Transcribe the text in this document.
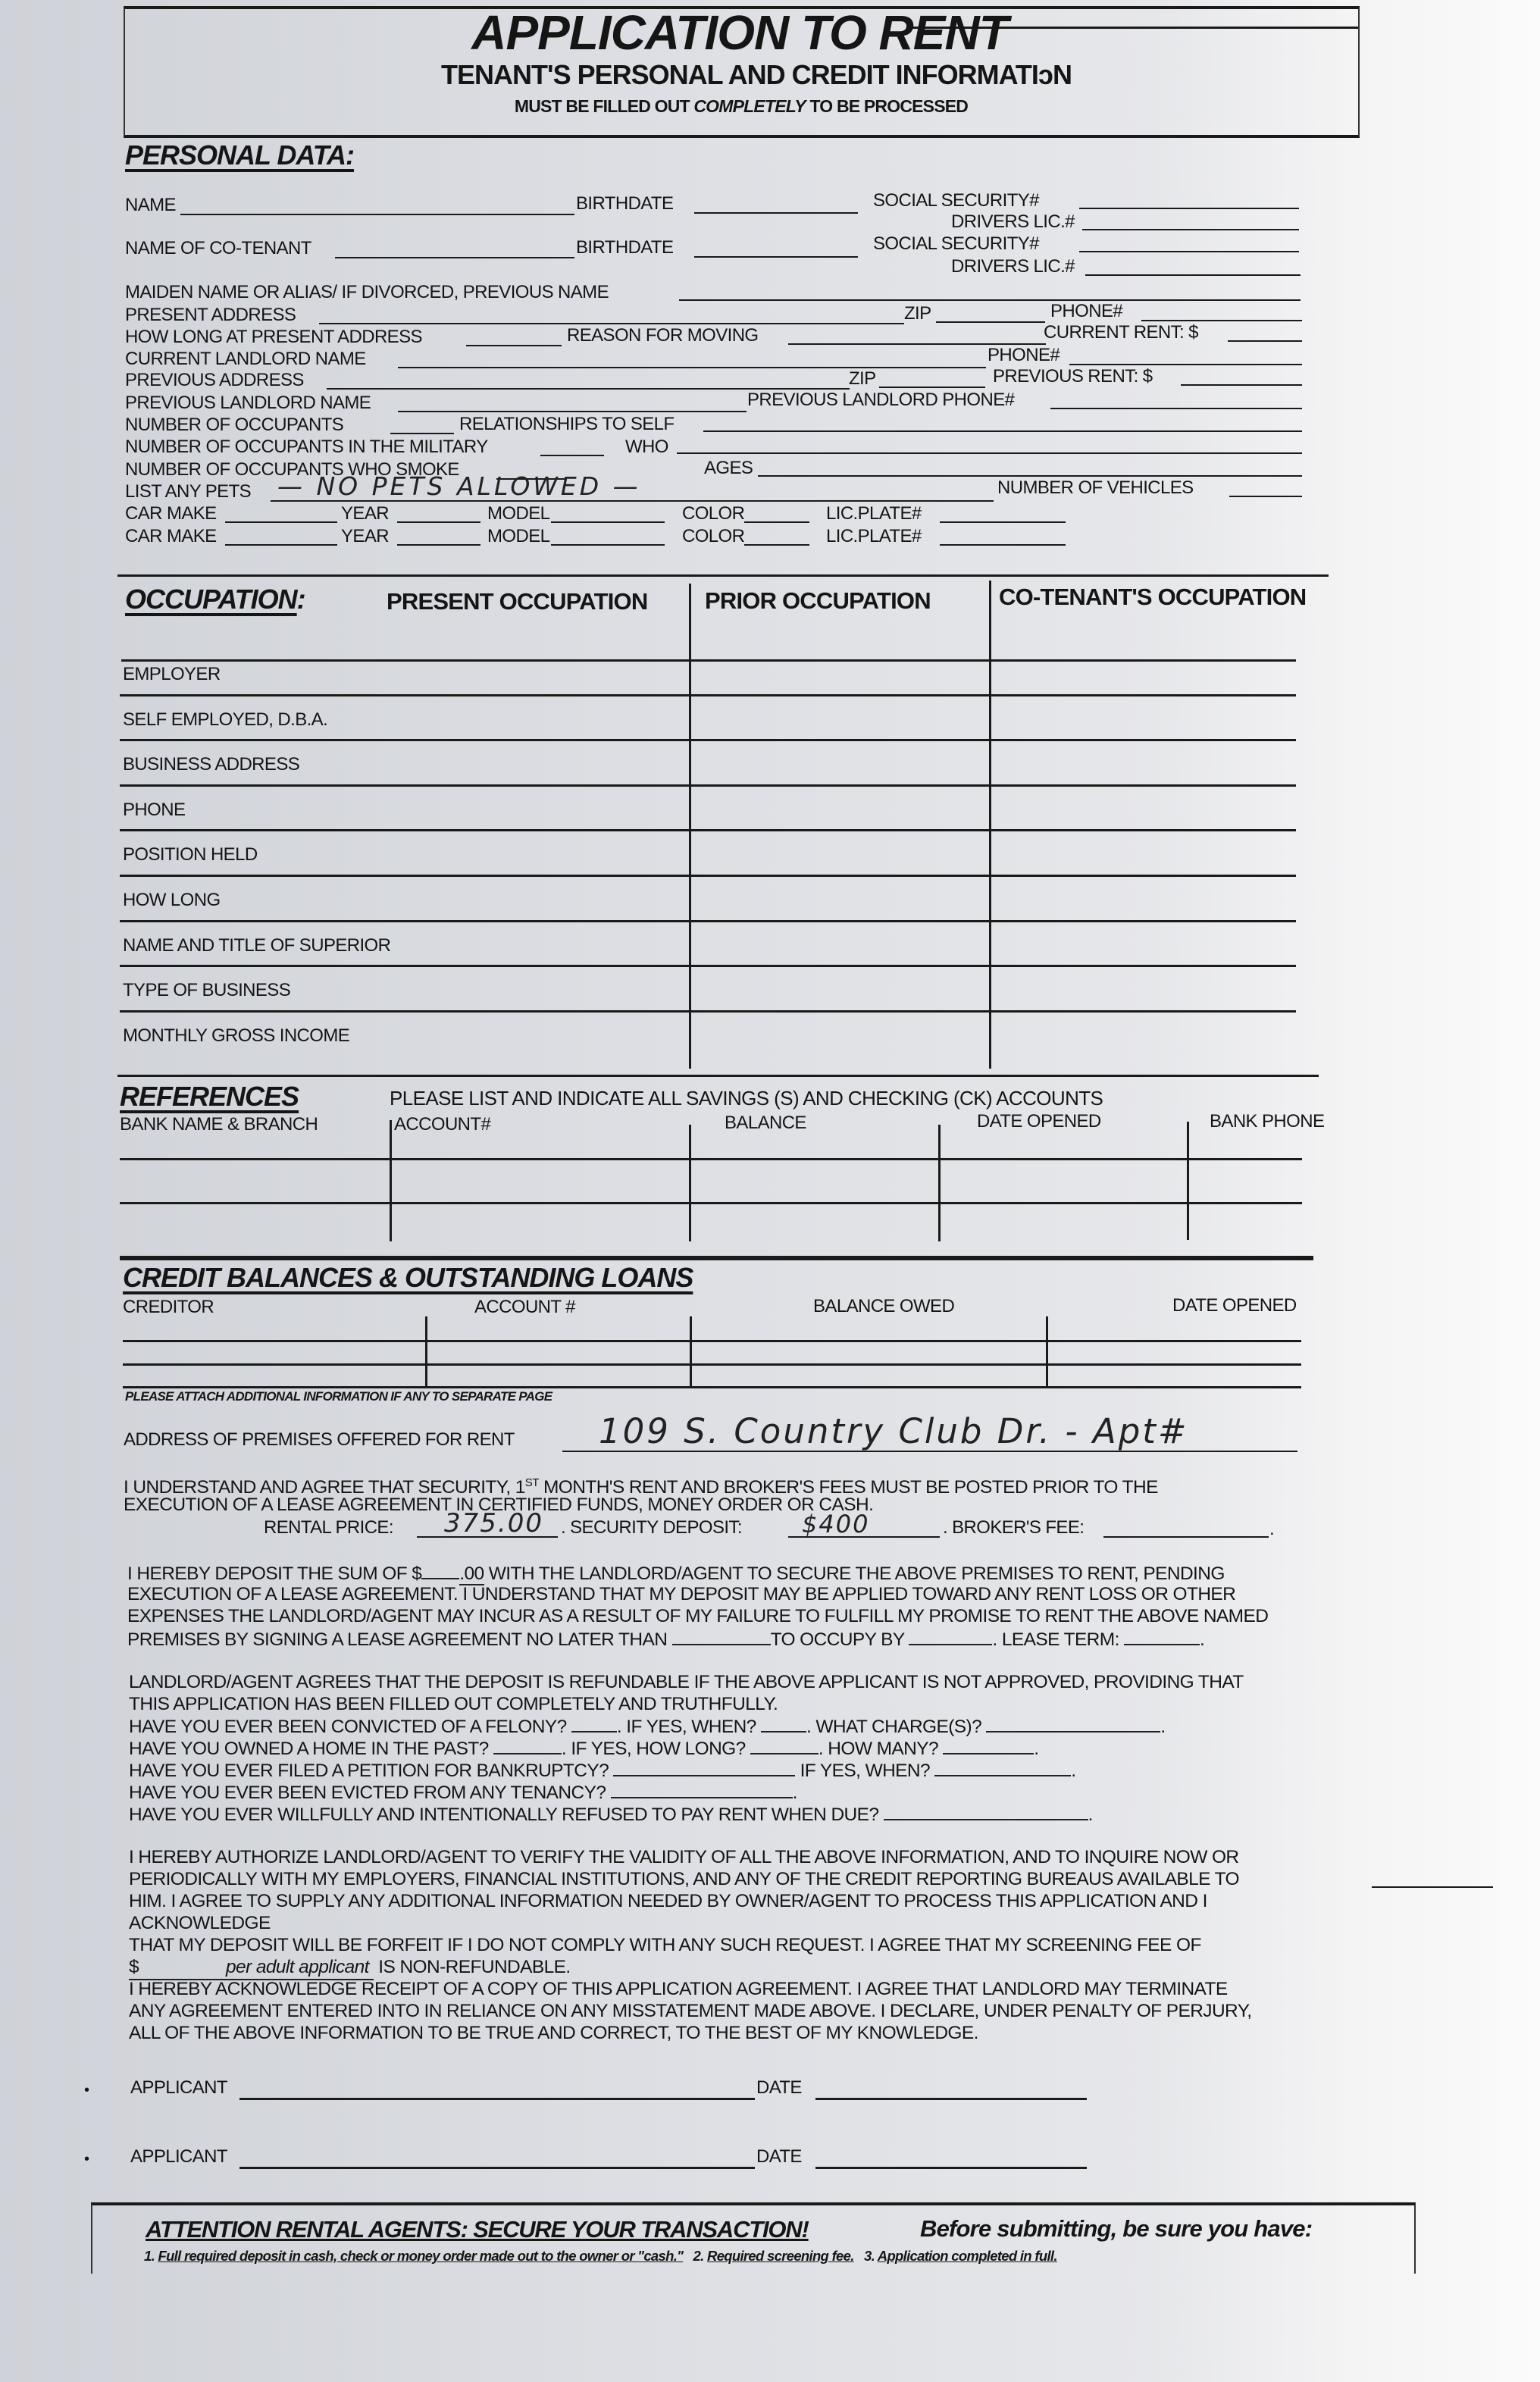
APPLICATION TO RENT
TENANT'S PERSONAL AND CREDIT INFORMATIↄN
MUST BE FILLED OUT COMPLETELY TO BE PROCESSED
PERSONAL DATA:
NAME	BIRTHDATE	SOCIAL SECURITY#
DRIVERS LIC.#
NAME OF CO-TENANT	BIRTHDATE	SOCIAL SECURITY#
DRIVERS LIC.#
MAIDEN NAME OR ALIAS/ IF DIVORCED, PREVIOUS NAME
PRESENT ADDRESS	ZIP	PHONE#
HOW LONG AT PRESENT ADDRESS	REASON FOR MOVING	CURRENT RENT: $
CURRENT LANDLORD NAME	PHONE#
PREVIOUS ADDRESS	ZIP	PREVIOUS RENT: $
PREVIOUS LANDLORD NAME	PREVIOUS LANDLORD PHONE#
NUMBER OF OCCUPANTS	RELATIONSHIPS TO SELF
NUMBER OF OCCUPANTS IN THE MILITARY	WHO
NUMBER OF OCCUPANTS WHO SMOKE	AGES
LIST ANY PETS — NO PETS ALLOWED —	NUMBER OF VEHICLES
CAR MAKE	YEAR	MODEL	COLOR	LIC.PLATE#
CAR MAKE	YEAR	MODEL	COLOR	LIC.PLATE#
OCCUPATION:	PRESENT OCCUPATION PRIOR OCCUPATION	CO-TENANT'S OCCUPATION
EMPLOYER
SELF EMPLOYED, D.B.A.
BUSINESS ADDRESS
PHONE
POSITION HELD
HOW LONG
NAME AND TITLE OF SUPERIOR
TYPE OF BUSINESS
MONTHLY GROSS INCOME
REFERENCES	PLEASE LIST AND INDICATE ALL SAVINGS (S) AND CHECKING (CK) ACCOUNTS
BANK NAME & BRANCH	ACCOUNT#	BALANCE	DATE OPENED	BANK PHONE
CREDIT BALANCES & OUTSTANDING LOANS
CREDITOR	ACCOUNT #	BALANCE OWED	DATE OPENED
PLEASE ATTACH ADDITIONAL INFORMATION IF ANY TO SEPARATE PAGE
ADDRESS OF PREMISES OFFERED FOR RENT 109 S. Country Club Dr. - Apt#
I UNDERSTAND AND AGREE THAT SECURITY, 1ST MONTH'S RENT AND BROKER'S FEES MUST BE POSTED PRIOR TO THE
EXECUTION OF A LEASE AGREEMENT IN CERTIFIED FUNDS, MONEY ORDER OR CASH.
RENTAL PRICE: 375.00 . SECURITY DEPOSIT: $400	. BROKER'S FEE:	.
I HEREBY DEPOSIT THE SUM OF $ .00 WITH THE LANDLORD/AGENT TO SECURE THE ABOVE PREMISES TO RENT, PENDING
EXECUTION OF A LEASE AGREEMENT. I UNDERSTAND THAT MY DEPOSIT MAY BE APPLIED TOWARD ANY RENT LOSS OR OTHER
EXPENSES THE LANDLORD/AGENT MAY INCUR AS A RESULT OF MY FAILURE TO FULFILL MY PROMISE TO RENT THE ABOVE NAMED
PREMISES BY SIGNING A LEASE AGREEMENT NO LATER THAN	TO OCCUPY BY	. LEASE TERM:	.
LANDLORD/AGENT AGREES THAT THE DEPOSIT IS REFUNDABLE IF THE ABOVE APPLICANT IS NOT APPROVED, PROVIDING THAT
THIS APPLICATION HAS BEEN FILLED OUT COMPLETELY AND TRUTHFULLY.
HAVE YOU EVER BEEN CONVICTED OF A FELONY?	. IF YES, WHEN?	. WHAT CHARGE(S)?	.
HAVE YOU OWNED A HOME IN THE PAST?	. IF YES, HOW LONG?	. HOW MANY?	.
HAVE YOU EVER FILED A PETITION FOR BANKRUPTCY?	IF YES, WHEN?	.
HAVE YOU EVER BEEN EVICTED FROM ANY TENANCY?	.
HAVE YOU EVER WILLFULLY AND INTENTIONALLY REFUSED TO PAY RENT WHEN DUE?	.
I HEREBY AUTHORIZE LANDLORD/AGENT TO VERIFY THE VALIDITY OF ALL THE ABOVE INFORMATION, AND TO INQUIRE NOW OR
PERIODICALLY WITH MY EMPLOYERS, FINANCIAL INSTITUTIONS, AND ANY OF THE CREDIT REPORTING BUREAUS AVAILABLE TO
HIM. I AGREE TO SUPPLY ANY ADDITIONAL INFORMATION NEEDED BY OWNER/AGENT TO PROCESS THIS APPLICATION AND I
ACKNOWLEDGE
THAT MY DEPOSIT WILL BE FORFEIT IF I DO NOT COMPLY WITH ANY SUCH REQUEST. I AGREE THAT MY SCREENING FEE OF
$	per adult applicant IS NON-REFUNDABLE.
I HEREBY ACKNOWLEDGE RECEIPT OF A COPY OF THIS APPLICATION AGREEMENT. I AGREE THAT LANDLORD MAY TERMINATE
ANY AGREEMENT ENTERED INTO IN RELIANCE ON ANY MISSTATEMENT MADE ABOVE. I DECLARE, UNDER PENALTY OF PERJURY,
ALL OF THE ABOVE INFORMATION TO BE TRUE AND CORRECT, TO THE BEST OF MY KNOWLEDGE.
• APPLICANT	DATE
• APPLICANT	DATE
ATTENTION RENTAL AGENTS: SECURE YOUR TRANSACTION!	Before submitting, be sure you have:
1. Full required deposit in cash, check or money order made out to the owner or "cash." 2. Required screening fee. 3. Application completed in full.
